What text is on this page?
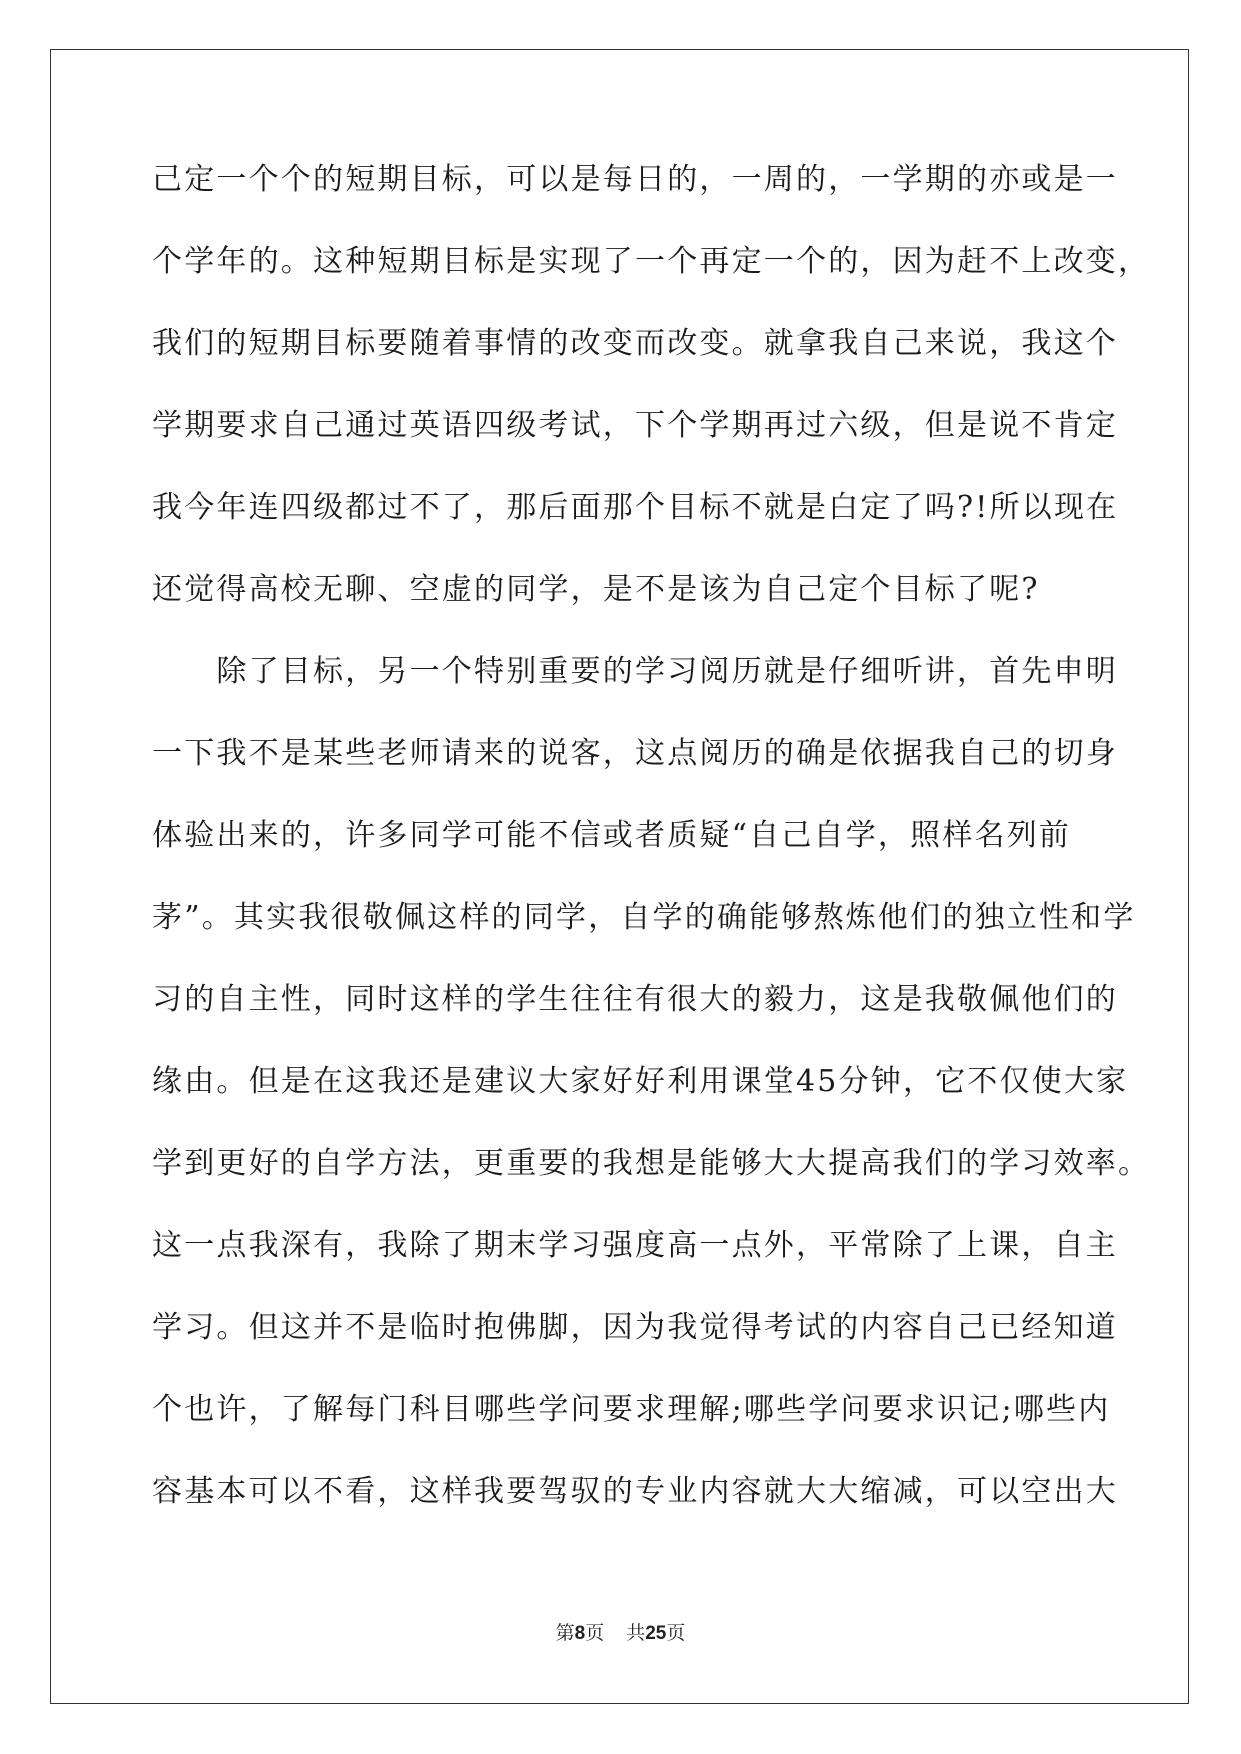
己定一个个的短期目标，可以是每日的，一周的，一学期的亦或是一
个学年的。这种短期目标是实现了一个再定一个的，因为赶不上改变，
我们的短期目标要随着事情的改变而改变。就拿我自己来说，我这个
学期要求自己通过英语四级考试，下个学期再过六级，但是说不肯定
我今年连四级都过不了，那后面那个目标不就是白定了吗?!所以现在
还觉得高校无聊、空虚的同学，是不是该为自己定个目标了呢?
　　除了目标，另一个特别重要的学习阅历就是仔细听讲，首先申明
一下我不是某些老师请来的说客，这点阅历的确是依据我自己的切身
体验出来的，许多同学可能不信或者质疑“自己自学，照样名列前
茅”。其实我很敬佩这样的同学，自学的确能够熬炼他们的独立性和学
习的自主性，同时这样的学生往往有很大的毅力，这是我敬佩他们的
缘由。但是在这我还是建议大家好好利用课堂45分钟，它不仅使大家
学到更好的自学方法，更重要的我想是能够大大提高我们的学习效率。
这一点我深有，我除了期末学习强度高一点外，平常除了上课，自主
学习。但这并不是临时抱佛脚，因为我觉得考试的内容自己已经知道
个也许，了解每门科目哪些学问要求理解;哪些学问要求识记;哪些内
容基本可以不看，这样我要驾驭的专业内容就大大缩减，可以空出大
第8页 共25页
